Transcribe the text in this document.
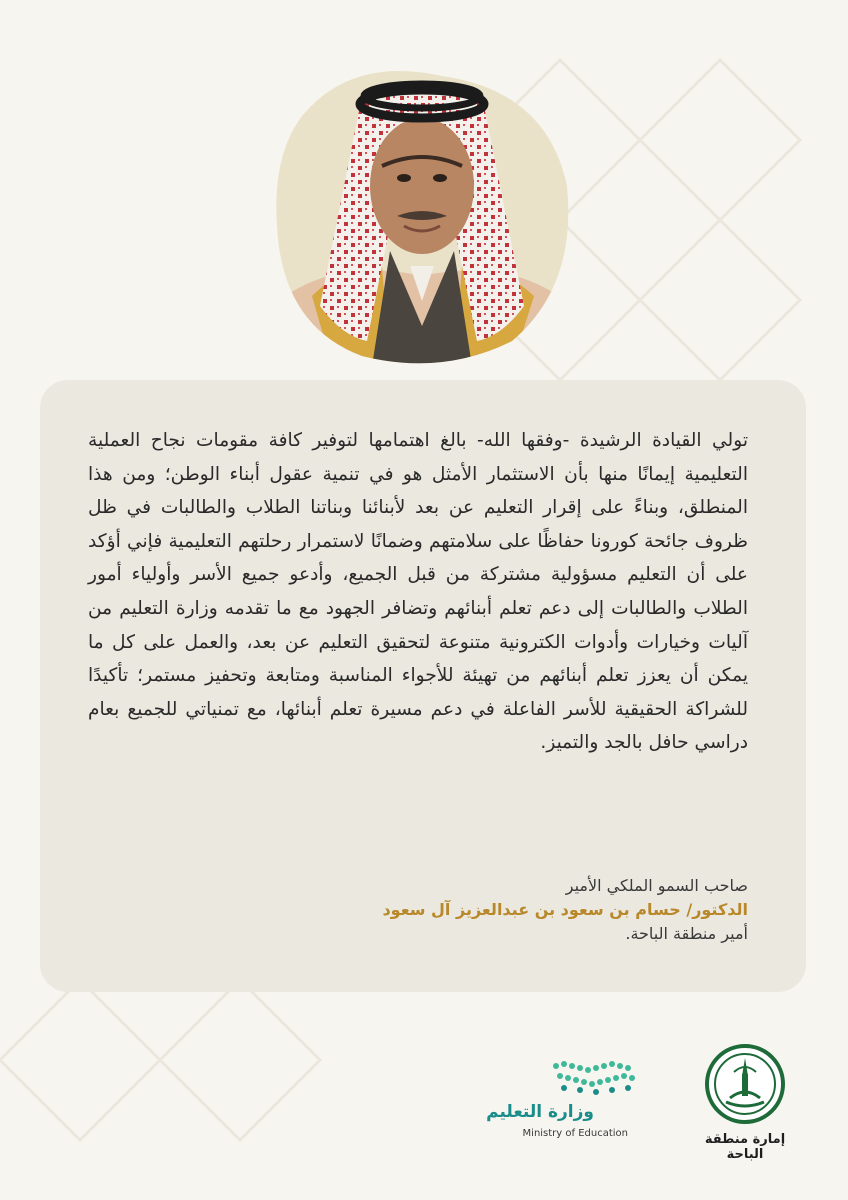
تولي القيادة الرشيدة -وفقها الله- بالغ اهتمامها لتوفير كافة مقومات نجاح العملية التعليمية إيمانًا منها بأن الاستثمار الأمثل هو في تنمية عقول أبناء الوطن؛ ومن هذا المنطلق، وبناءً على إقرار التعليم عن بعد لأبنائنا وبناتنا الطلاب والطالبات في ظل ظروف جائحة كورونا حفاظًا على سلامتهم وضمانًا لاستمرار رحلتهم التعليمية فإني أؤكد على أن التعليم مسؤولية مشتركة من قبل الجميع، وأدعو جميع الأسر وأولياء أمور الطلاب والطالبات إلى دعم تعلم أبنائهم وتضافر الجهود مع ما تقدمه وزارة التعليم من آليات وخيارات وأدوات الكترونية متنوعة لتحقيق التعليم عن بعد، والعمل على كل ما يمكن أن يعزز تعلم أبنائهم من تهيئة للأجواء المناسبة ومتابعة وتحفيز مستمر؛ تأكيدًا للشراكة الحقيقية للأسر الفاعلة في دعم مسيرة تعلم أبنائها، مع تمنياتي للجميع بعام دراسي حافل بالجد والتميز.

صاحب السمو الملكي الأمير
الدكتور/ حسام بن سعود بن عبدالعزيز آل سعود
أمير منطقة الباحة.
وزارة التعليم
Ministry of Education	إمارة منطقة الباحة
